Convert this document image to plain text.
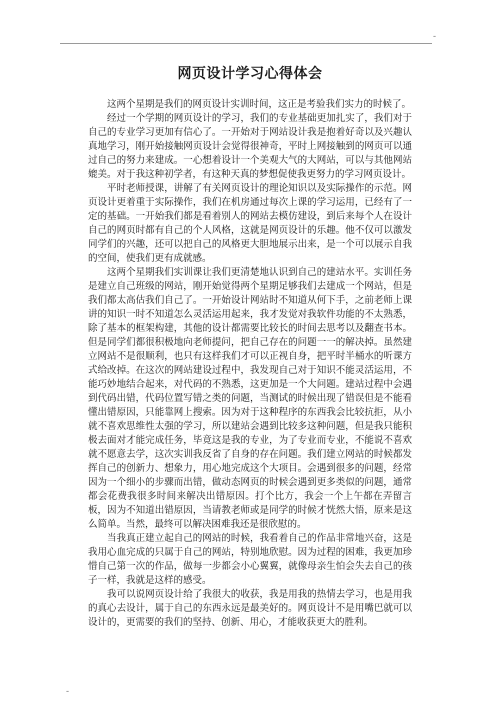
-
网页设计学习心得体会

这两个星期是我们的网页设计实训时间，这正是考验我们实力的时候了。

经过一个学期的网页设计的学习，我们的专业基础更加扎实了，我们对于自己的专业学习更加有信心了。一开始对于网站设计我是抱着好奇以及兴趣认真地学习，刚开始接触网页设计会觉得很神奇，平时上网接触到的网页可以通过自己的努力来建成。一心想着设计一个美观大气的大网站，可以与其他网站媲美。对于我这种初学者，有这种天真的梦想促使我更努力的学习网页设计。

平时老师授课，讲解了有关网页设计的理论知识以及实际操作的示范。网页设计更着重于实际操作，我们在机房通过每次上课的学习运用，已经有了一定的基础。一开始我们都是看着别人的网站去模仿建设，到后来每个人在设计自己的网页时都有自己的个人风格，这就是网页设计的乐趣。他不仅可以激发同学们的兴趣，还可以把自己的风格更大胆地展示出来，是一个可以展示自我的空间，使我们更有成就感。

这两个星期我们实训课让我们更清楚地认识到自己的建站水平。实训任务是建立自己班级的网站，刚开始觉得两个星期足够我们去建成一个网站，但是我们都太高估我们自己了。一开始设计网站时不知道从何下手，之前老师上课讲的知识一时不知道怎么灵活运用起来，我才发觉对我软件功能的不太熟悉，除了基本的框架构建，其他的设计都需要比较长的时间去思考以及翻查书本。但是同学们都很积极地向老师提问，把自己存在的问题一一的解决掉。虽然建立网站不是很顺利，也只有这样我们才可以正视自身，把平时半桶水的听课方式给改掉。在这次的网站建设过程中，我发现自己对于知识不能灵活运用，不能巧妙地结合起来，对代码的不熟悉，这更加是一个大问题。建站过程中会遇到代码出错，代码位置写错之类的问题，当测试的时候出现了错误但是不能看懂出错原因，只能靠网上搜索。因为对于这种程序的东西我会比较抗拒，从小就不喜欢思维性太强的学习，所以建站会遇到比较多这种问题，但是我只能积极去面对才能完成任务，毕竟这是我的专业，为了专业而专业，不能说不喜欢就不愿意去学，这次实训我反省了自身的存在问题。我们建立网站的时候都发挥自己的创新力、想象力，用心地完成这个大项目。会遇到很多的问题，经常因为一个细小的步骤而出错，做动态网页的时候会遇到更多类似的问题，通常都会花费我很多时间来解决出错原因。打个比方，我会一个上午都在弄留言板，因为不知道出错原因，当请教老师或是同学的时候才恍然大悟，原来是这么简单。当然，最终可以解决困难我还是很欣慰的。

当我真正建立起自己的网站的时候，我看着自己的作品非常地兴奋，这是我用心血完成的只属于自己的网站，特别地欣慰。因为过程的困难，我更加珍惜自己第一次的作品，做每一步都会小心翼翼，就像母亲生怕会失去自己的孩子一样，我就是这样的感受。

我可以说网页设计给了我很大的收获，我是用我的热情去学习，也是用我的真心去设计，属于自己的东西永远是最美好的。网页设计不是用嘴巴就可以设计的，更需要的我们的坚持、创新、用心，才能收获更大的胜利。

-
